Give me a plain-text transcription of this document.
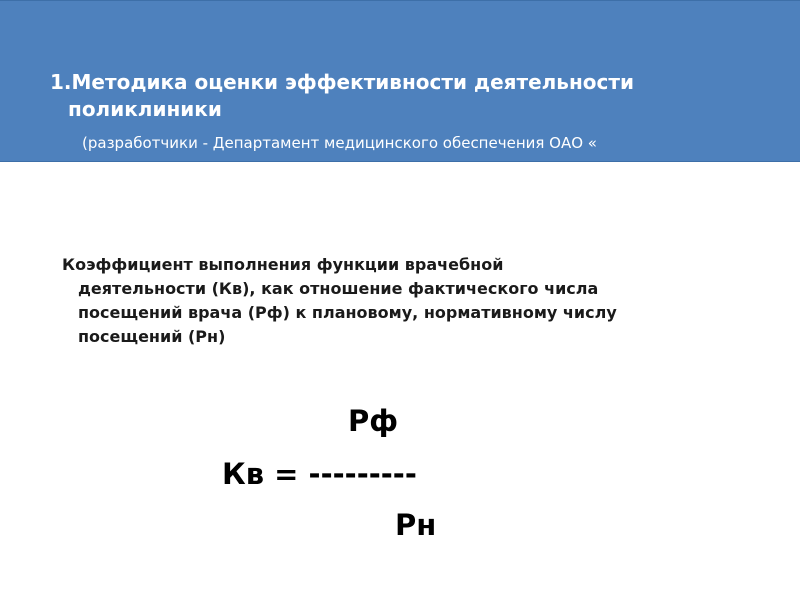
1.Методика оценки эффективности деятельности
поликлиники

(разработчики - Департамент медицинского обеспечения ОАО «
РЖД», кафедра железнодорожной медицины РАПС, Москва, 2

Коэффициент выполнения функции врачебной
деятельности (Кв), как отношение фактического числа
посещений врача (Рф) к плановому, нормативному числу
посещений (Рн)

Рф
Кв = ---------
Рн
